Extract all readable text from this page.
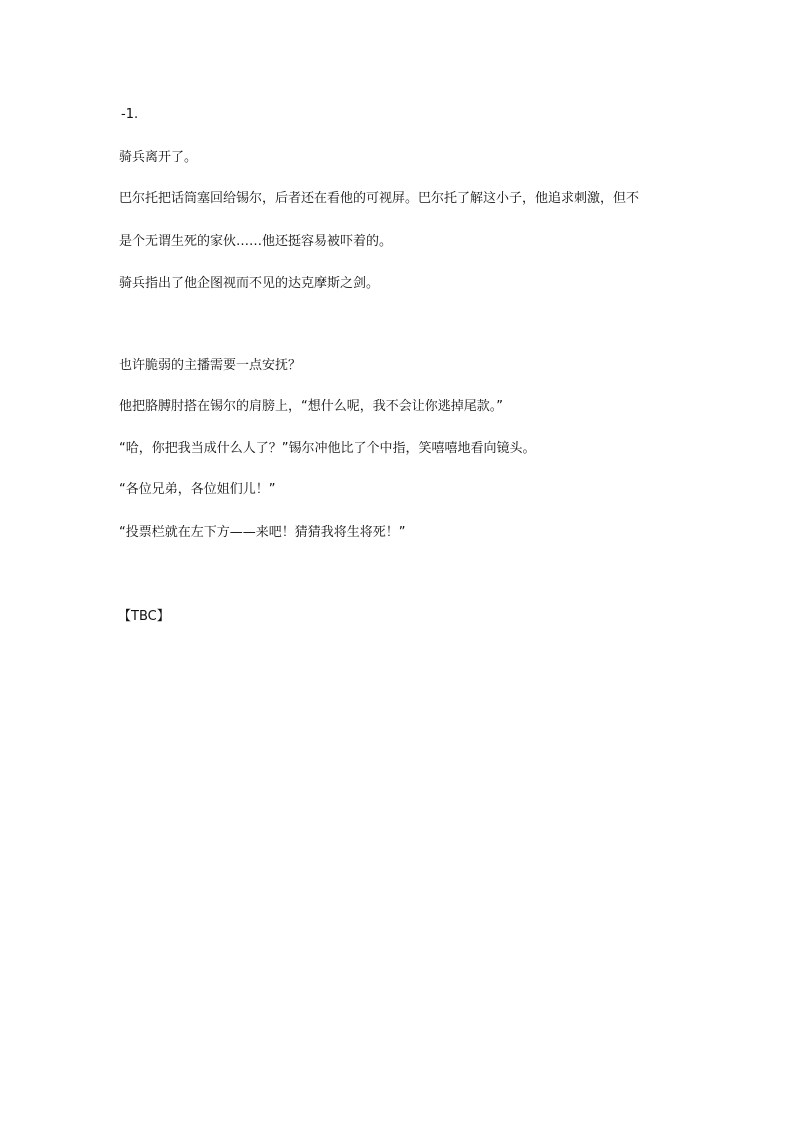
-1.

骑兵离开了。

巴尔托把话筒塞回给锡尔，后者还在看他的可视屏。巴尔托了解这小子，他追求刺激，但不

是个无谓生死的家伙……他还挺容易被吓着的。

骑兵指出了他企图视而不见的达克摩斯之剑。

也许脆弱的主播需要一点安抚？

他把胳膊肘搭在锡尔的肩膀上，“想什么呢，我不会让你逃掉尾款。”

“哈，你把我当成什么人了？”锡尔冲他比了个中指，笑嘻嘻地看向镜头。

“各位兄弟，各位姐们儿！”

“投票栏就在左下方——来吧！猜猜我将生将死！”

【TBC】
